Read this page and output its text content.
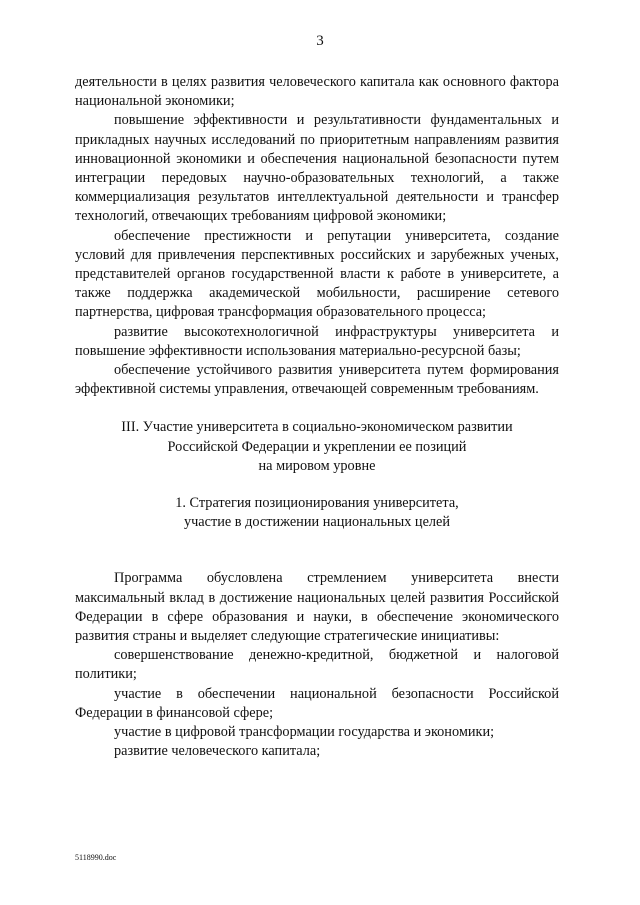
3

деятельности в целях развития человеческого капитала как основного фактора национальной экономики;

повышение эффективности и результативности фундаментальных и прикладных научных исследований по приоритетным направлениям развития инновационной экономики и обеспечения национальной безопасности путем интеграции передовых научно-образовательных технологий, а также коммерциализация результатов интеллектуальной деятельности и трансфер технологий, отвечающих требованиям цифровой экономики;

обеспечение престижности и репутации университета, создание условий для привлечения перспективных российских и зарубежных ученых, представителей органов государственной власти к работе в университете, а также поддержка академической мобильности, расширение сетевого партнерства, цифровая трансформация образовательного процесса;

развитие высокотехнологичной инфраструктуры университета и повышение эффективности использования материально-ресурсной базы;

обеспечение устойчивого развития университета путем формирования эффективной системы управления, отвечающей современным требованиям.

III. Участие университета в социально-экономическом развитии
Российской Федерации и укреплении ее позиций
на мировом уровне
1. Стратегия позиционирования университета,
участие в достижении национальных целей

Программа обусловлена стремлением университета внести максимальный вклад в достижение национальных целей развития Российской Федерации в сфере образования и науки, в обеспечение экономического развития страны и выделяет следующие стратегические инициативы:

совершенствование денежно-кредитной, бюджетной и налоговой политики;

участие в обеспечении национальной безопасности Российской Федерации в финансовой сфере;

участие в цифровой трансформации государства и экономики;

развитие человеческого капитала;

5118990.doc
